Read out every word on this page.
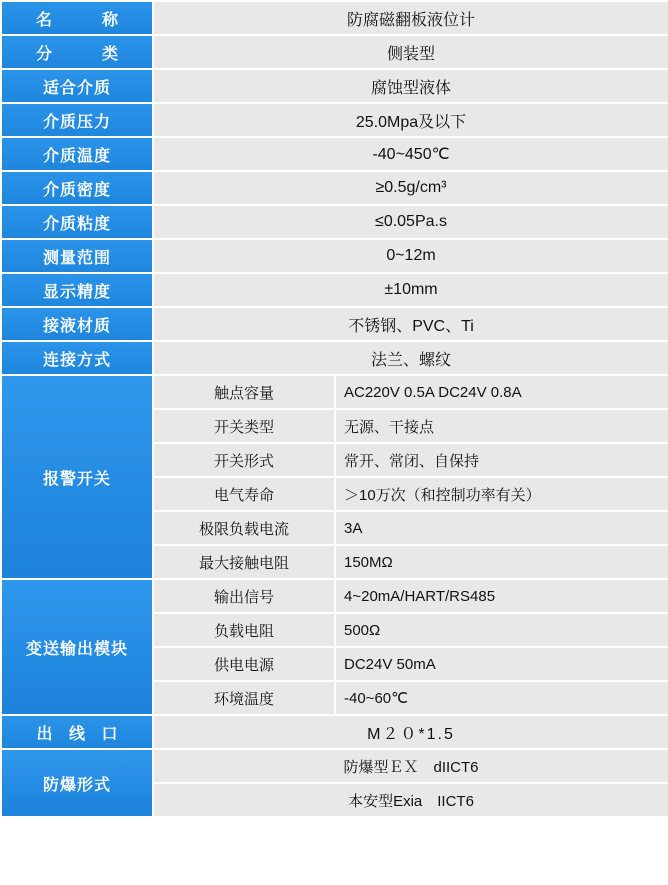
名　　称	防腐磁翻板液位计	
分　　类	侧装型	
适合介质	腐蚀型液体	
介质压力	25.0Mpa及以下	
介质温度	-40~450℃	
介质密度	≥0.5g/cm³	
介质粘度	≤0.05Pa.s	
测量范围	0~12m	
显示精度	±10mm	
接液材质	不锈钢、PVC、Ti	
连接方式	法兰、螺纹	
报警开关	触点容量	AC220V 0.5A DC24V 0.8A
	开关类型	无源、干接点
	开关形式	常开、常闭、自保持
	电气寿命	＞10万次（和控制功率有关）
	极限负载电流	3A
	最大接触电阻	150MΩ
变送输出模块	输出信号	4~20mA/HART/RS485
	负载电阻	500Ω
	供电电源	DC24V 50mA
	环境温度	-40~60℃
出 线 口	M２０*1.5	
防爆形式	防爆型ＥＸ　dIICT6	
	本安型Exia　IICT6	
